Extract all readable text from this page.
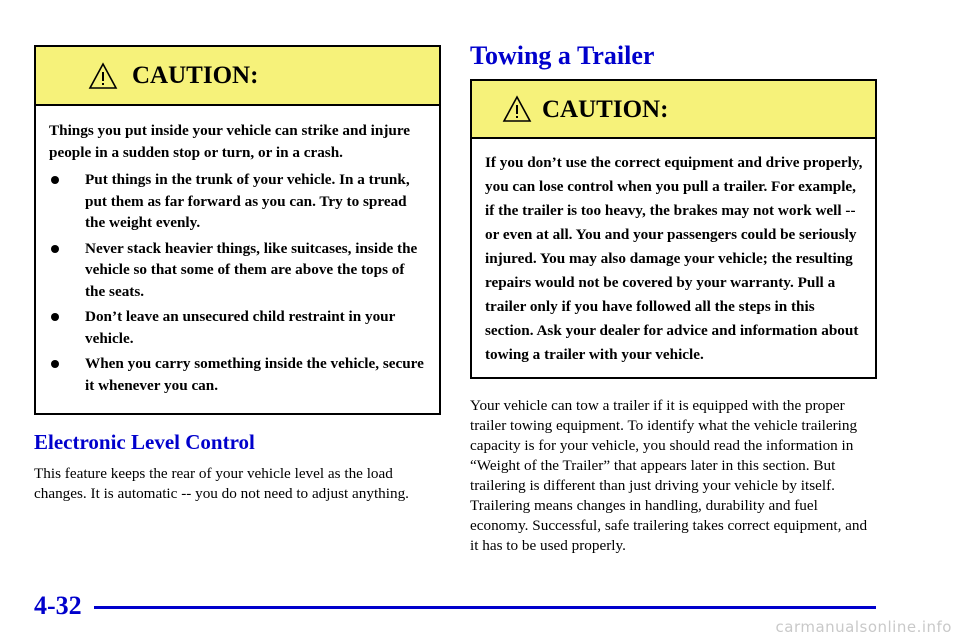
CAUTION:

Things you put inside your vehicle can strike and injure people in a sudden stop or turn, or in a crash.

Put things in the trunk of your vehicle. In a trunk, put them as far forward as you can. Try to spread the weight evenly.
Never stack heavier things, like suitcases, inside the vehicle so that some of them are above the tops of the seats.
Don’t leave an unsecured child restraint in your vehicle.
When you carry something inside the vehicle, secure it whenever you can.
Electronic Level Control

This feature keeps the rear of your vehicle level as the load changes. It is automatic -- you do not need to adjust anything.

Towing a Trailer
CAUTION:
If you don’t use the correct equipment and drive properly, you can lose control when you pull a trailer. For example, if the trailer is too heavy, the brakes may not work well -- or even at all. You and your passengers could be seriously injured. You may also damage your vehicle; the resulting repairs would not be covered by your warranty. Pull a trailer only if you have followed all the steps in this section. Ask your dealer for advice and information about towing a trailer with your vehicle.

Your vehicle can tow a trailer if it is equipped with the proper trailer towing equipment. To identify what the vehicle trailering capacity is for your vehicle, you should read the information in “Weight of the Trailer” that appears later in this section. But trailering is different than just driving your vehicle by itself. Trailering means changes in handling, durability and fuel economy. Successful, safe trailering takes correct equipment, and it has to be used properly.

4-32
carmanualsonline.info
